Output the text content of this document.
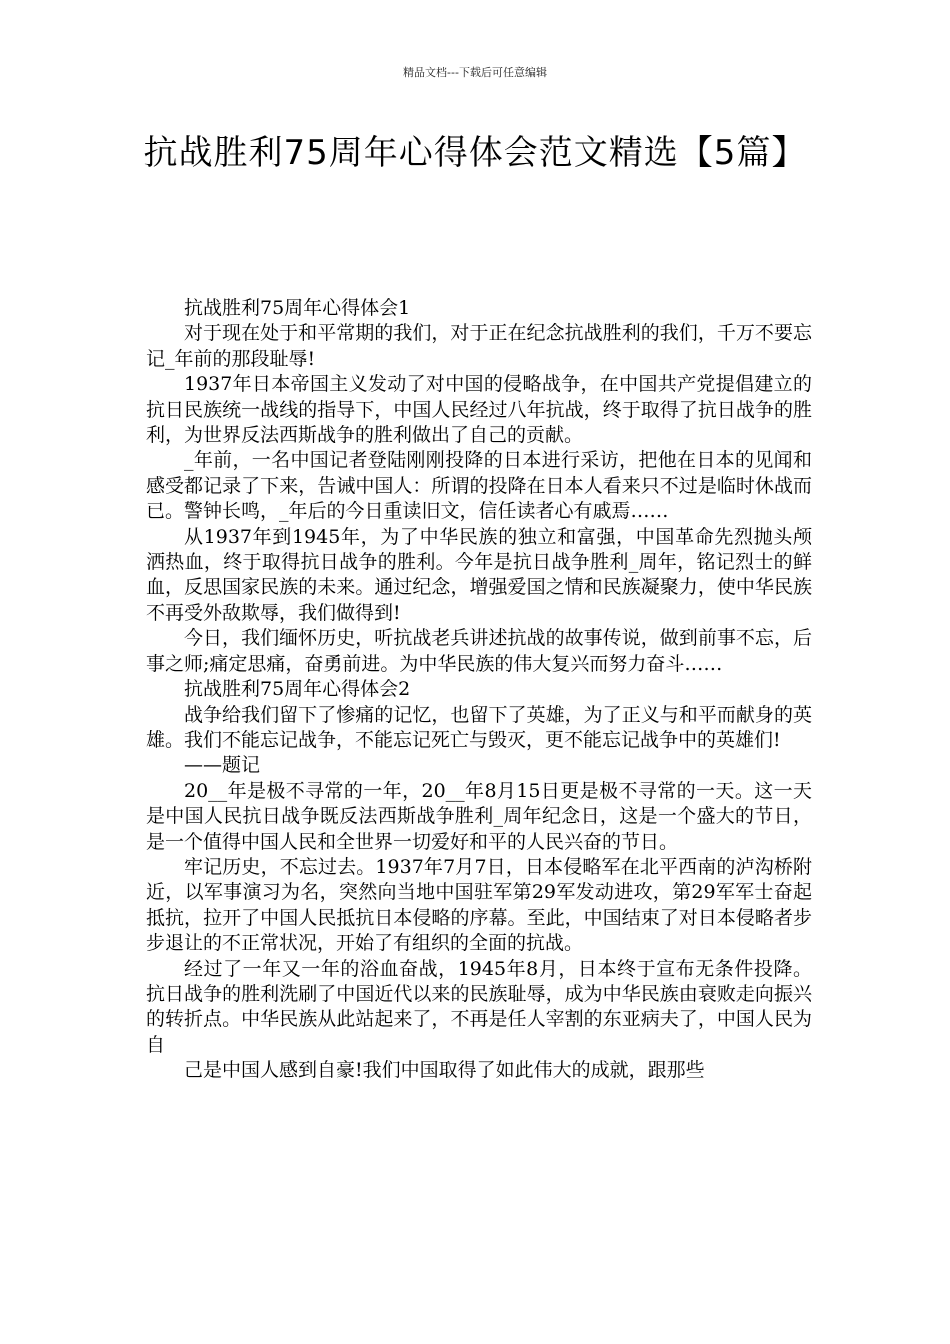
精品文档---下载后可任意编辑
抗战胜利75周年心得体会范文精选【5篇】

抗战胜利75周年心得体会1

对于现在处于和平常期的我们，对于正在纪念抗战胜利的我们，千万不要忘记_年前的那段耻辱!

1937年日本帝国主义发动了对中国的侵略战争，在中国共产党提倡建立的抗日民族统一战线的指导下，中国人民经过八年抗战，终于取得了抗日战争的胜利，为世界反法西斯战争的胜利做出了自己的贡献。

_年前，一名中国记者登陆刚刚投降的日本进行采访，把他在日本的见闻和感受都记录了下来，告诫中国人：所谓的投降在日本人看来只不过是临时休战而已。警钟长鸣，_年后的今日重读旧文，信任读者心有戚焉……

从1937年到1945年，为了中华民族的独立和富强，中国革命先烈抛头颅洒热血，终于取得抗日战争的胜利。今年是抗日战争胜利_周年，铭记烈士的鲜血，反思国家民族的未来。通过纪念，增强爱国之情和民族凝聚力，使中华民族不再受外敌欺辱，我们做得到!

今日，我们缅怀历史，听抗战老兵讲述抗战的故事传说，做到前事不忘，后事之师;痛定思痛，奋勇前进。为中华民族的伟大复兴而努力奋斗……

抗战胜利75周年心得体会2

战争给我们留下了惨痛的记忆，也留下了英雄，为了正义与和平而献身的英雄。我们不能忘记战争，不能忘记死亡与毁灭，更不能忘记战争中的英雄们!

——题记

20__年是极不寻常的一年，20__年8月15日更是极不寻常的一天。这一天是中国人民抗日战争既反法西斯战争胜利_周年纪念日，这是一个盛大的节日，是一个值得中国人民和全世界一切爱好和平的人民兴奋的节日。

牢记历史，不忘过去。1937年7月7日，日本侵略军在北平西南的泸沟桥附近，以军事演习为名，突然向当地中国驻军第29军发动进攻，第29军军士奋起抵抗，拉开了中国人民抵抗日本侵略的序幕。至此，中国结束了对日本侵略者步步退让的不正常状况，开始了有组织的全面的抗战。

经过了一年又一年的浴血奋战，1945年8月，日本终于宣布无条件投降。抗日战争的胜利洗刷了中国近代以来的民族耻辱，成为中华民族由衰败走向振兴的转折点。中华民族从此站起来了，不再是任人宰割的东亚病夫了，中国人民为自

己是中国人感到自豪!我们中国取得了如此伟大的成就，跟那些
